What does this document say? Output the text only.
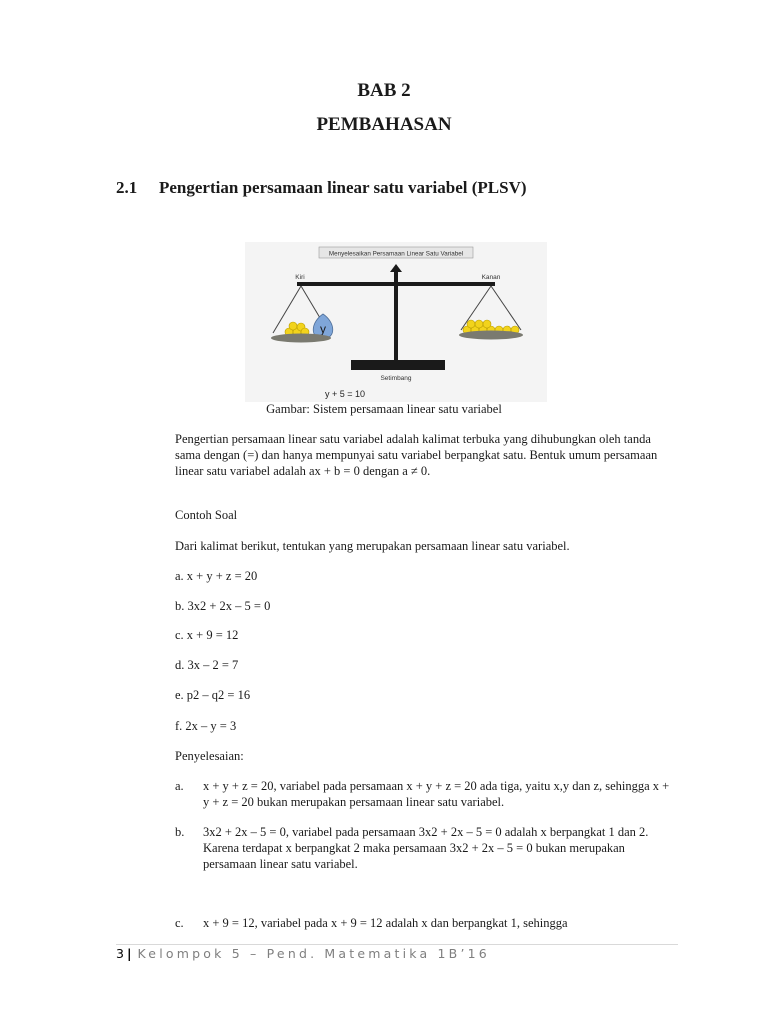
BAB 2
PEMBAHASAN
2.1 Pengertian persamaan linear satu variabel (PLSV)
Menyelesaikan Persamaan Linear Satu Variabel
Kiri	Kanan
y
Setimbang
y + 5 = 10
Gambar: Sistem persamaan linear satu variabel
Pengertian persamaan linear satu variabel adalah kalimat terbuka yang dihubungkan oleh tanda sama dengan (=) dan hanya mempunyai satu variabel berpangkat satu. Bentuk umum persamaan linear satu variabel adalah ax + b = 0 dengan a ≠ 0.
Contoh Soal
Dari kalimat berikut, tentukan yang merupakan persamaan linear satu variabel.
a. x + y + z = 20
b. 3x2 + 2x – 5 = 0
c. x + 9 = 12
d. 3x – 2 = 7
e. p2 – q2 = 16
f. 2x – y = 3
Penyelesaian:
a. x + y + z = 20, variabel pada persamaan x + y + z = 20 ada tiga, yaitu x,y dan z, sehingga x + y + z = 20 bukan merupakan persamaan linear satu variabel.
b. 3x2 + 2x – 5 = 0, variabel pada persamaan 3x2 + 2x – 5 = 0 adalah x berpangkat 1 dan 2. Karena terdapat x berpangkat 2 maka persamaan 3x2 + 2x – 5 = 0 bukan merupakan persamaan linear satu variabel.
c. x + 9 = 12, variabel pada x + 9 = 12 adalah x dan berpangkat 1, sehingga
3 | Kelompok 5 – Pend. Matematika 1B’16
